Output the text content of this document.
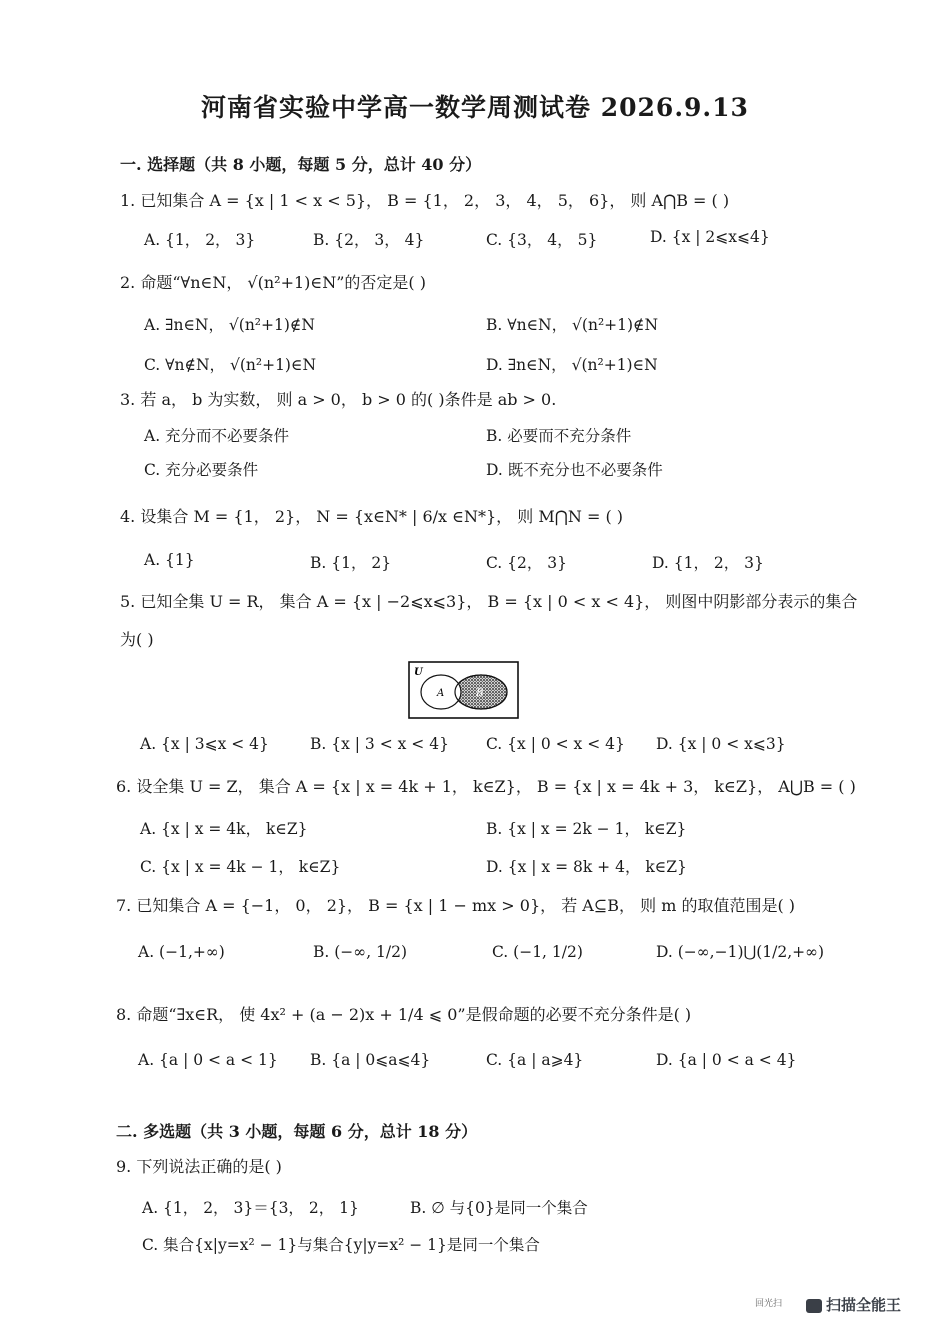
河南省实验中学高一数学周测试卷 2026.9.13
一. 选择题（共 8 小题，每题 5 分，总计 40 分）
1. 已知集合 A = {x | 1 < x < 5}， B = {1， 2， 3， 4， 5， 6}， 则 A⋂B = ( )
A. {1， 2， 3}	B. {2， 3， 4}	C. {3， 4， 5}	D. {x | 2⩽x⩽4}
2. 命题“∀n∈N， √(n²+1)∈N”的否定是( )
A. ∃n∈N， √(n²+1)∉N	B. ∀n∈N， √(n²+1)∉N
C. ∀n∉N， √(n²+1)∈N	D. ∃n∈N， √(n²+1)∈N
3. 若 a， b 为实数， 则 a > 0， b > 0 的( )条件是 ab > 0.
A. 充分而不必要条件	B. 必要而不充分条件
C. 充分必要条件	D. 既不充分也不必要条件
4. 设集合 M = {1， 2}， N = {x∈N* | 6/x ∈N*}， 则 M⋂N = ( )
A. {1}	B. {1， 2}	C. {2， 3}	D. {1， 2， 3}
5. 已知全集 U = R， 集合 A = {x | −2⩽x⩽3}， B = {x | 0 < x < 4}， 则图中阴影部分表示的集合
为( )
U
A	B
A. {x | 3⩽x < 4}	B. {x | 3 < x < 4} C. {x | 0 < x < 4} D. {x | 0 < x⩽3}
6. 设全集 U = Z， 集合 A = {x | x = 4k + 1， k∈Z}， B = {x | x = 4k + 3， k∈Z}， A⋃B = ( )
A. {x | x = 4k， k∈Z}	B. {x | x = 2k − 1， k∈Z}
C. {x | x = 4k − 1， k∈Z}	D. {x | x = 8k + 4， k∈Z}
7. 已知集合 A = {−1， 0， 2}， B = {x | 1 − mx > 0}， 若 A⊆B， 则 m 的取值范围是( )
A. (−1,+∞)	B. (−∞, 1/2)	C. (−1, 1/2)	D. (−∞,−1)⋃(1/2,+∞)
8. 命题“∃x∈R， 使 4x² + (a − 2)x + 1/4 ⩽ 0”是假命题的必要不充分条件是( )
A. {a | 0 < a < 1} B. {a | 0⩽a⩽4}	C. {a | a⩾4}	D. {a | 0 < a < 4}
二. 多选题（共 3 小题，每题 6 分，总计 18 分）
9. 下列说法正确的是( )
A. {1， 2， 3}＝{3， 2， 1}	B. ∅ 与{0}是同一个集合
C. 集合{x|y=x² − 1}与集合{y|y=x² − 1}是同一个集合
回光扫	扫描全能王
